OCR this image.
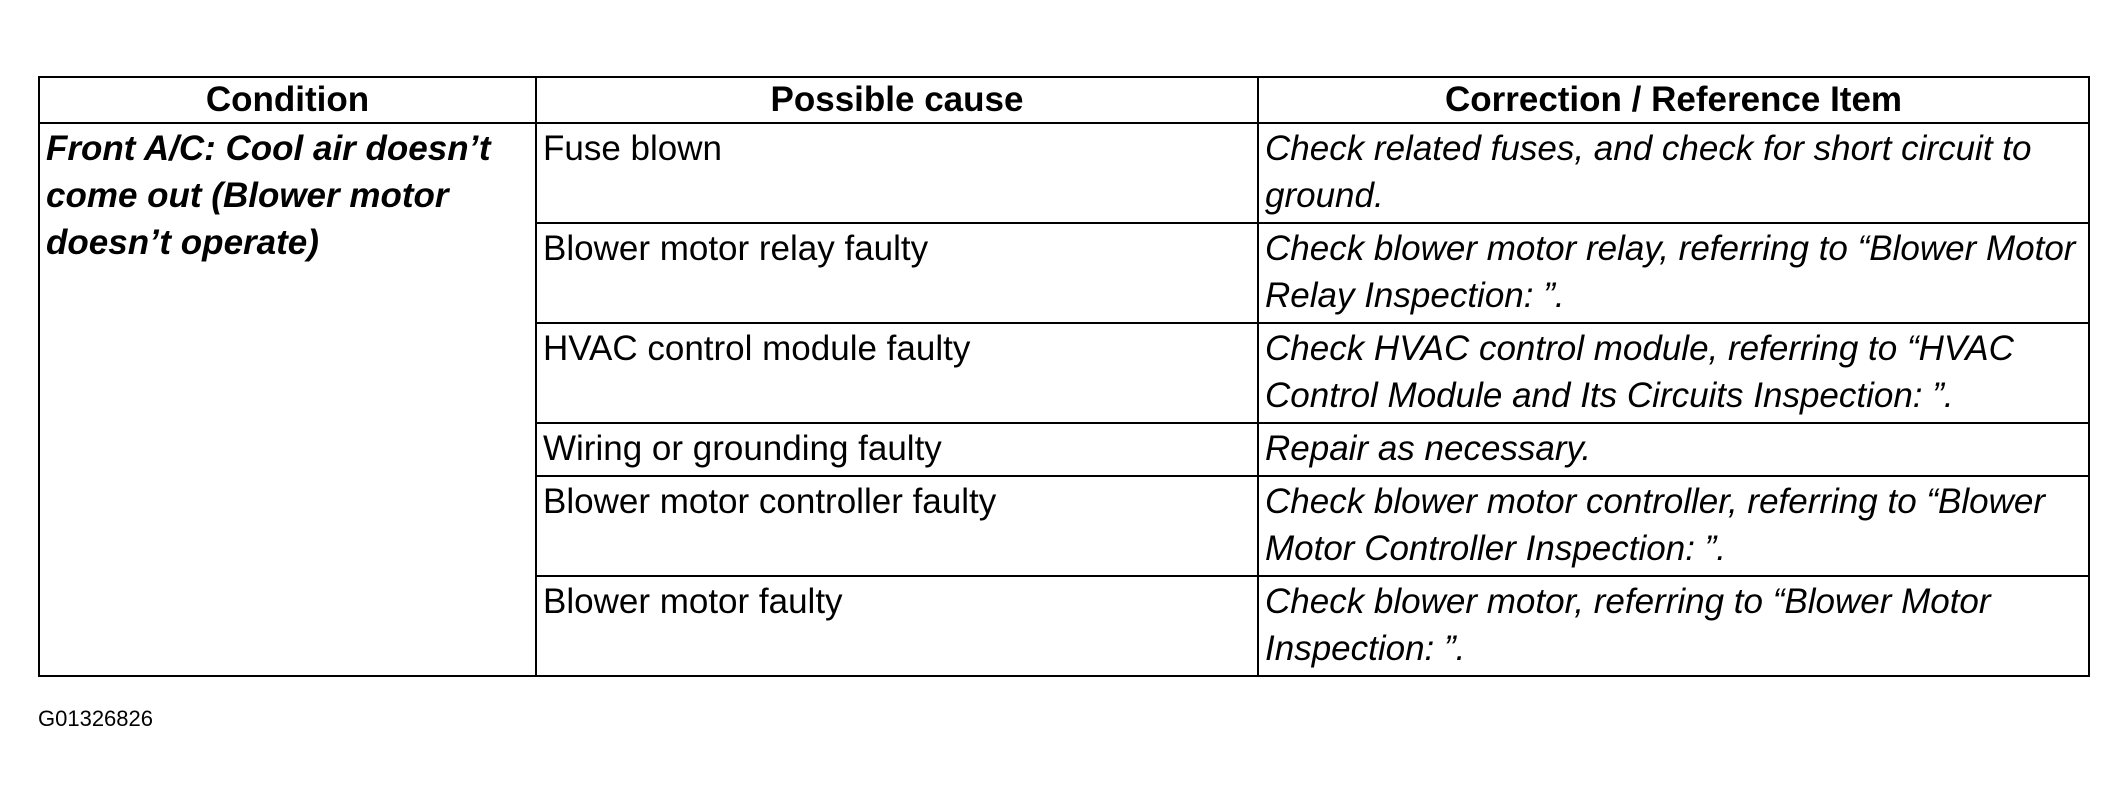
Condition	Possible cause	Correction / Reference Item
Front A/C: Cool air doesn’t come out (Blower motor doesn’t operate)	Fuse blown	Check related fuses, and check for short circuit to ground.
	Blower motor relay faulty	Check blower motor relay, referring to “Blower Motor Relay Inspection: ”.
	HVAC control module faulty	Check HVAC control module, referring to “HVAC Control Module and Its Circuits Inspection: ”.
	Wiring or grounding faulty	Repair as necessary.
	Blower motor controller faulty	Check blower motor controller, referring to “Blower Motor Controller Inspection: ”.
	Blower motor faulty	Check blower motor, referring to “Blower Motor Inspection: ”.
G01326826
